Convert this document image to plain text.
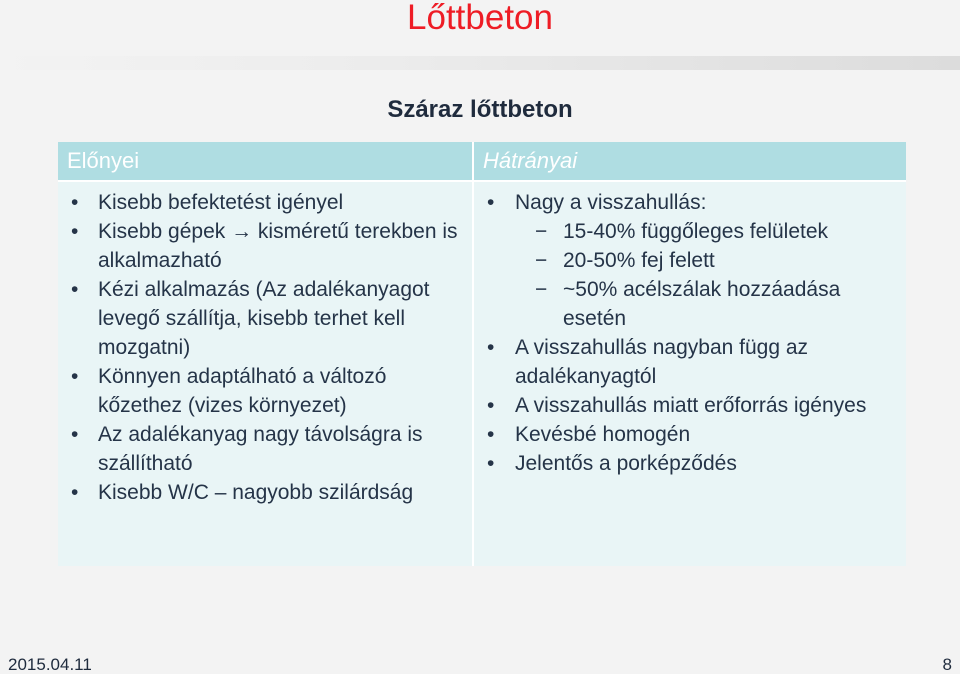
Lőttbeton
Száraz lőttbeton
Előnyei
• Kisebb befektetést igényel
• Kisebb gépek → kisméretű terekben is alkalmazható
• Kézi alkalmazás (Az adalékanyagot levegő szállítja, kisebb terhet kell mozgatni)
• Könnyen adaptálható a változó kőzethez (vizes környezet)
• Az adalékanyag nagy távolságra is szállítható
• Kisebb W/C – nagyobb szilárdság
Hátrányai
• Nagy a visszahullás:
− 15-40% függőleges felületek
− 20-50% fej felett
− ~50% acélszálak hozzáadása esetén
• A visszahullás nagyban függ az adalékanyagtól
• A visszahullás miatt erőforrás igényes
• Kevésbé homogén
• Jelentős a porképződés
2015.04.11	8
